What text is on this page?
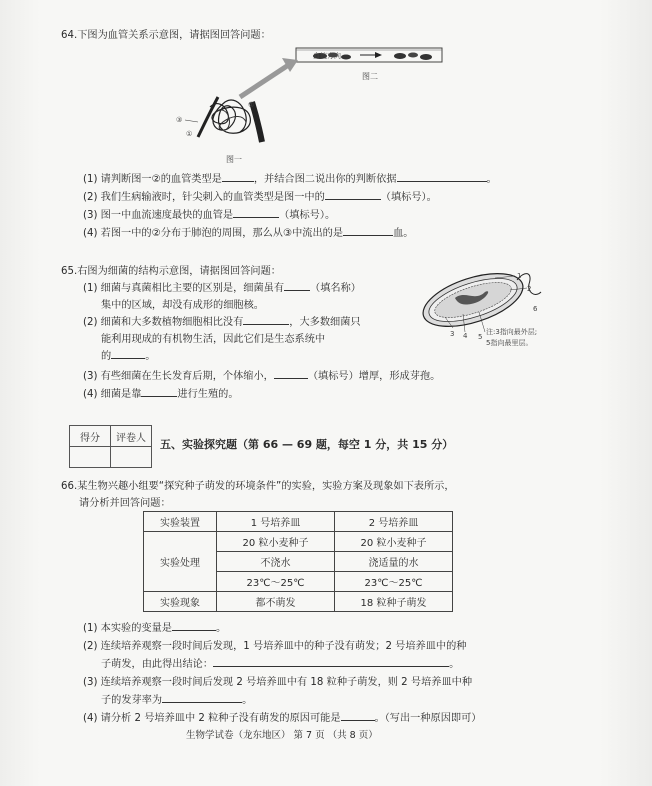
64.下图为血管关系示意图，请据图回答问题：
血流方向
图二
③
①
②
图一
(1) 请判断图一②的血管类型是	，并结合图二说出你的判断依据	。
(2) 我们生病输液时，针尖刺入的血管类型是图一中的	（填标号）。
(3) 图一中血流速度最快的血管是	（填标号）。
(4) 若图一中的②分布于肺泡的周围，那么从③中流出的是	血。
65.右图为细菌的结构示意图，请据图回答问题：	1
2
3 4 5
6
注:3指向最外层;
5指向最里层。
(1) 细菌与真菌相比主要的区别是，细菌虽有	（填名称）
集中的区域，却没有成形的细胞核。
(2) 细菌和大多数植物细胞相比没有	，大多数细菌只
能利用现成的有机物生活，因此它们是生态系统中
的	。
(3) 有些细菌在生长发育后期，个体缩小，	（填标号）增厚，形成芽孢。
(4) 细菌是靠	进行生殖的。
得分	评卷人
	五、实验探究题（第 66 — 69 题，每空 1 分，共 15 分）
66.某生物兴趣小组要“探究种子萌发的环境条件”的实验，实验方案及现象如下表所示，
请分析并回答问题：
实验装置	1 号培养皿	2 号培养皿
实验处理	20 粒小麦种子	20 粒小麦种子
	不浇水	浇适量的水
	23℃～25℃	23℃～25℃
实验现象	都不萌发	18 粒种子萌发
(1) 本实验的变量是	。
(2) 连续培养观察一段时间后发现，1 号培养皿中的种子没有萌发；2 号培养皿中的种
子萌发，由此得出结论：	。
(3) 连续培养观察一段时间后发现 2 号培养皿中有 18 粒种子萌发，则 2 号培养皿中种
子的发芽率为	。
(4) 请分析 2 号培养皿中 2 粒种子没有萌发的原因可能是	。（写出一种原因即可）
生物学试卷（龙东地区） 第 7 页 （共 8 页）
